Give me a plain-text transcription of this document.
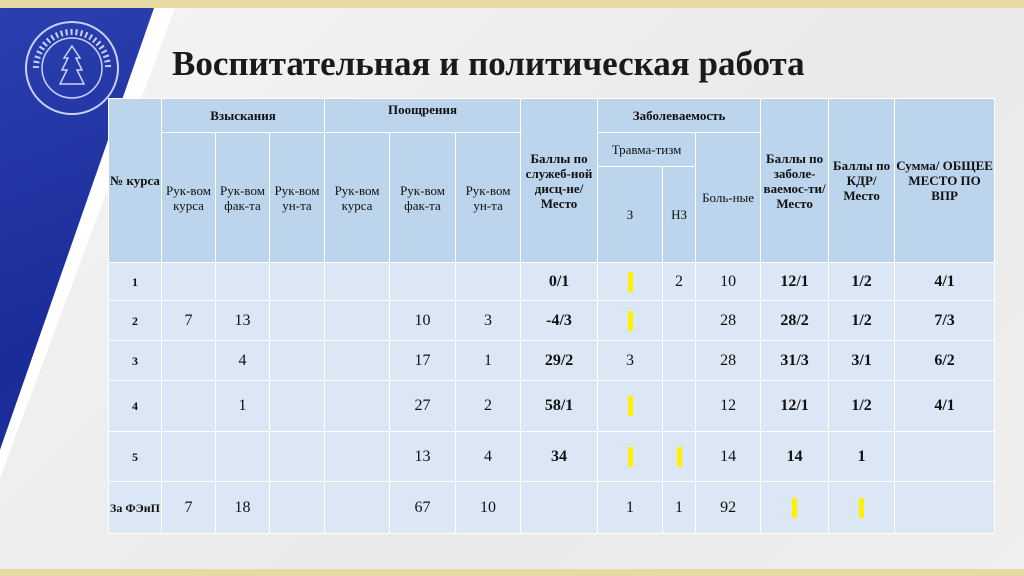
Воспитательная и политическая работа
№ курса	Взыскания			Поощрения			Баллы по служеб-ной дисц-не/ Место	Заболеваемость			Баллы по заболе-ваемос-ти/ Место	Баллы по КДР/ Место	Сумма/ ОБЩЕЕ МЕСТО ПО ВПР
	Рук-вом курса	Рук-вом фак-та	Рук-вом ун-та	Рук-вом курса	Рук-вом фак-та	Рук-вом ун-та		Травма-тизм		Боль-ные			
								З	НЗ				

1							0/1		2	10	12/1	1/2	4/1
2	7	13			10	3	-4/3			28	28/2	1/2	7/3
3		4			17	1	29/2	3		28	31/3	3/1	6/2
4		1			27	2	58/1			12	12/1	1/2	4/1
5					13	4	34			14	14	1	
За ФЭиП	7	18			67	10		1	1	92			
